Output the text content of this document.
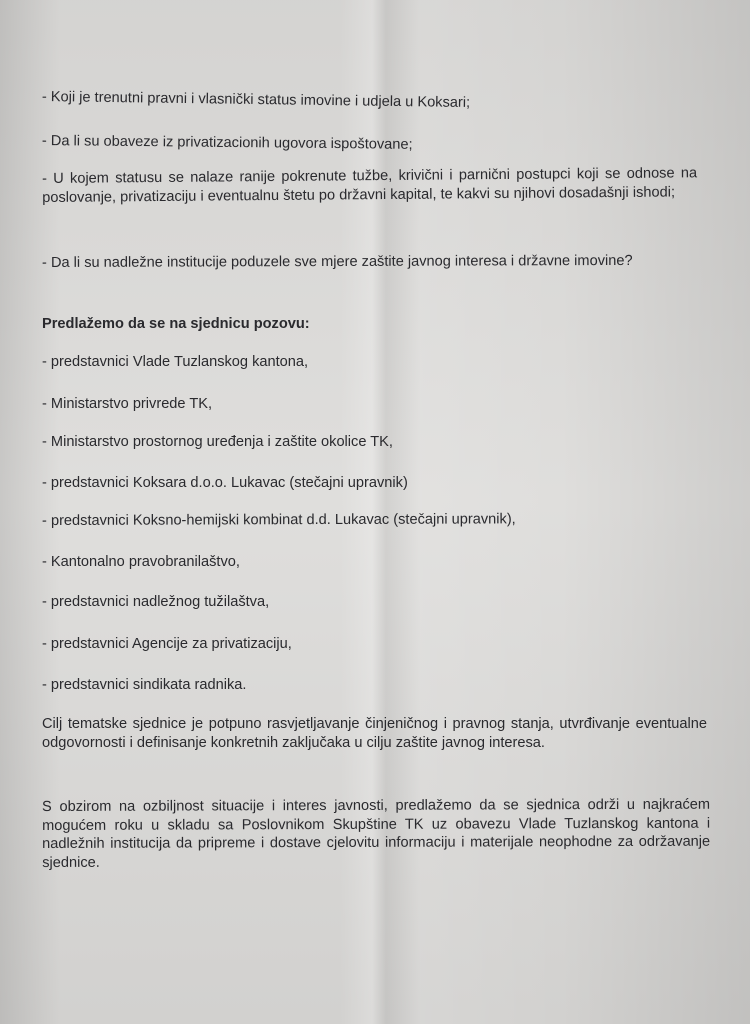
- Koji je trenutni pravni i vlasnički status imovine i udjela u Koksari;
- Da li su obaveze iz privatizacionih ugovora ispoštovane;
- U kojem statusu se nalaze ranije pokrenute tužbe, krivični i parnični postupci koji se odnose na poslovanje, privatizaciju i eventualnu štetu po državni kapital, te kakvi su njihovi dosadašnji ishodi;
- Da li su nadležne institucije poduzele sve mjere zaštite javnog interesa i državne imovine?
Predlažemo da se na sjednicu pozovu:
- predstavnici Vlade Tuzlanskog kantona,
- Ministarstvo privrede TK,
- Ministarstvo prostornog uređenja i zaštite okolice TK,
- predstavnici Koksara d.o.o. Lukavac (stečajni upravnik)
- predstavnici Koksno-hemijski kombinat d.d. Lukavac (stečajni upravnik),
- Kantonalno pravobranilaštvo,
- predstavnici nadležnog tužilaštva,
- predstavnici Agencije za privatizaciju,
- predstavnici sindikata radnika.
Cilj tematske sjednice je potpuno rasvjetljavanje činjeničnog i pravnog stanja, utvrđivanje eventualne odgovornosti i definisanje konkretnih zaključaka u cilju zaštite javnog interesa.
S obzirom na ozbiljnost situacije i interes javnosti, predlažemo da se sjednica održi u najkraćem mogućem roku u skladu sa Poslovnikom Skupštine TK uz obavezu Vlade Tuzlanskog kantona i nadležnih institucija da pripreme i dostave cjelovitu informaciju i materijale neophodne za održavanje sjednice.
